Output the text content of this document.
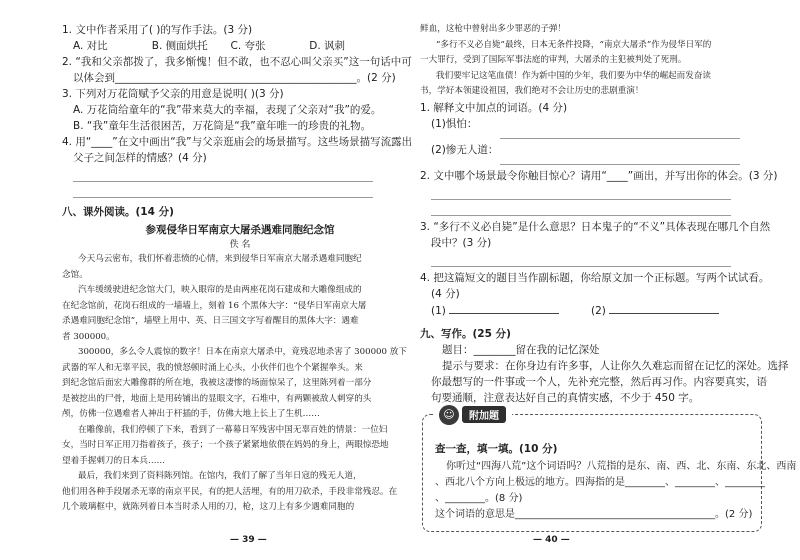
1. 文中作者采用了( )的写作手法。(3 分)
A. 对比	B. 侧面烘托	C. 夸张	D. 讽刺
2. “我和父亲都拨了，我多惭愧！但不敢，也不忍心叫父亲买”这一句话中可
以体会到______________________________________________。(2 分)
3. 下列对万花筒赋予父亲的用意是说明( )(3 分)
A. 万花筒给童年的“我”带来莫大的幸福，表现了父亲对“我”的爱。
B. “我”童年生活很困苦，万花筒是“我”童年唯一的珍贵的礼物。
4. 用“____”在文中画出“我”与父亲逛庙会的场景描写。这些场景描写流露出
父子之间怎样的情感？(4 分)
八、课外阅读。(14 分)
参观侵华日军南京大屠杀遇难同胞纪念馆
佚 名
今天乌云密布，我们怀着悲愤的心情，来到侵华日军南京大屠杀遇难同胞纪
念馆。
汽车缓缓驶进纪念馆大门，映入眼帘的是由两座花岗石建成和大雕像组成的
在纪念馆前，花岗石组成的一墙墙上，刻着 16 个黑体大字：“侵华日军南京大屠
杀遇难同胞纪念馆”，墙壁上用中、英、日三国文字写着醒目的黑体大字：遇难
者 300000。
300000，多么令人震惊的数字！日本在南京大屠杀中，竟残忍地杀害了 300000 放下
武器的军人和无辜平民，我的愤怒顿时涌上心头，小伙伴们也个个紧握拳头。来
到纪念馆后面宏大雕像群的所在地，我被这凄惨的场面惊呆了，这里陈列着一部分
是被挖出的尸骨，地面上是用砖铺出的显眼文字，石堆中，有两颗被敌人刺穿的头
颅，仿佛一位遇难者人神出于杆插的手，仿佛大地上长上了生机……
在雕像前，我们停顿了下来，看到了一幕幕日军残害中国无辜百姓的情景：一位妇
女，当时日军正用刀指着孩子，孩子；一个孩子紧紧地依偎在妈妈的身上，两眼惊恐地
望着手握刺刀的日本兵……
最后，我们来到了资料陈列馆。在馆内，我们了解了当年日寇的残无人道，
他们用各种手段屠杀无辜的南京平民，有的把人活埋，有的用刀砍杀，手段非常残忍。在
几个玻璃框中，就陈列着日本当时杀人用的刀，枪，这刀上有多少遇难同胞的
— 39 —
鲜血，这枪中曾射出多少罪恶的子弹！
“多行不义必自毙”最终，日本无条件投降，“南京大屠杀”作为侵华日军的
一大罪行，受到了国际军事法庭的审判，大屠杀的主犯被判处了死刑。
我们要牢记这笔血债！作为新中国的少年，我们要为中华的崛起而发奋读
书，学好本领建设祖国，我们绝对不会让历史的悲剧重演！
1. 解释文中加点的词语。(4 分)
(1)惧怕：
(2)惨无人道：
2. 文中哪个场景最令你触目惊心？请用“____”画出，并写出你的体会。(3 分)
3. “多行不义必自毙”是什么意思？日本鬼子的“不义”具体表现在哪几个自然
段中？(3 分)
4. 把这篇短文的题目当作副标题，你给原文加一个正标题。写两个试试看。
(4 分)
(1)	(2)
九、写作。(25 分)
题目：________留在我的记忆深处
提示与要求：在你身边有许多事，人让你久久难忘而留在记忆的深处。选择
你最想写的一件事或一个人，先补充完整，然后再习作。内容要真实，语
句要通顺，注意表达好自己的真情实感，不少于 450 字。
☺	附加题
查一查，填一填。(10 分)
你听过“四海八荒”这个词语吗？八荒指的是东、南、西、北、东南、东北、西南
、西北八个方向上极远的地方。四海指的是________、________、________
、________。(8 分)
这个词语的意思是________________________________________。(2 分)
— 40 —
